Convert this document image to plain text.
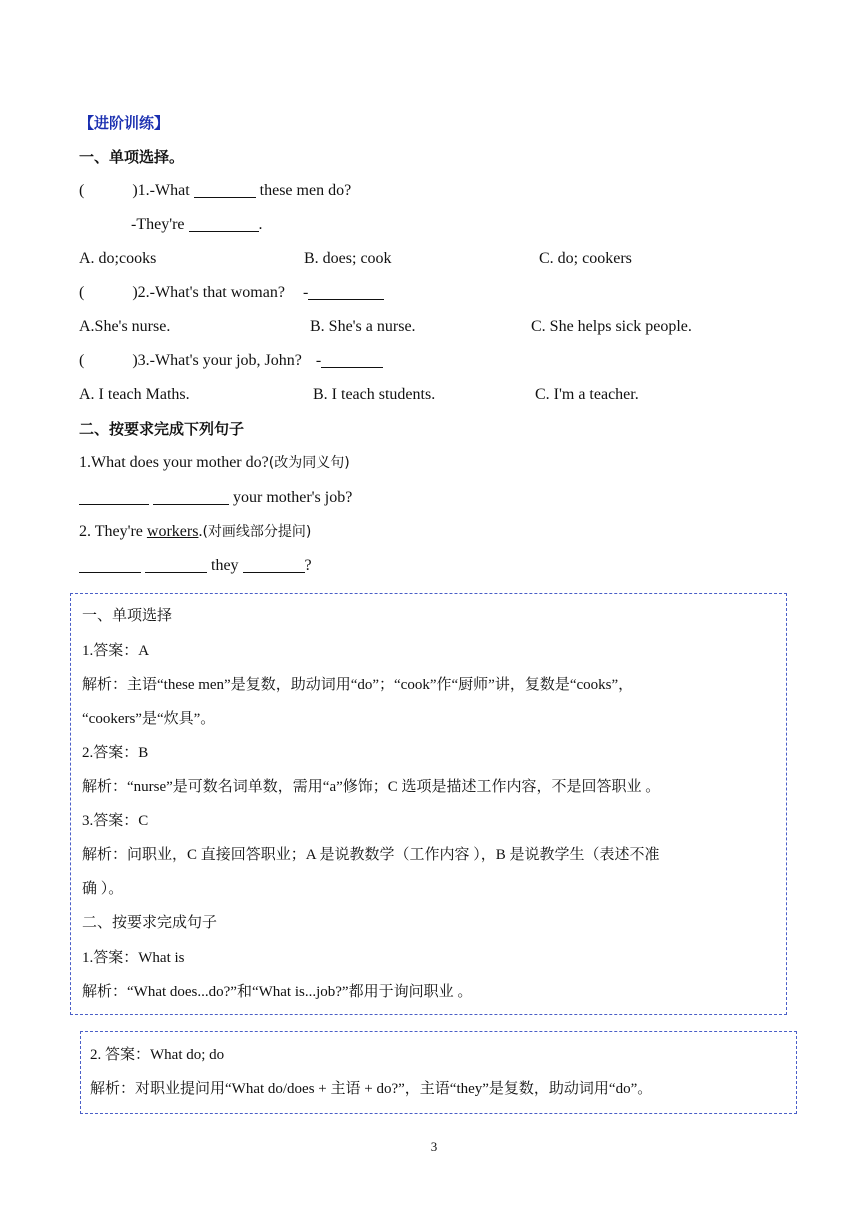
【进阶训练】
一、单项选择。
(	)1.-What	these men do?
-They're	.
A. do;cooks	B. does; cook	C. do; cookers
(	)2.-What's that woman? -
A.She's nurse.	B. She's a nurse.	C. She helps sick people.
(	)3.-What's your job, John? -
A. I teach Maths.	B. I teach students.	C. I'm a teacher.
二、按要求完成下列句子
1.What does your mother do?(改为同义句)
your mother's job?
2. They're workers.(对画线部分提问)
they	?
一、单项选择
1.答案：A
解析：主语“these men”是复数，助动词用“do”；“cook”作“厨师”讲，复数是“cooks”，
“cookers”是“炊具”。
2.答案：B
解析：“nurse”是可数名词单数，需用“a”修饰；C 选项是描述工作内容，不是回答职业 。
3.答案：C
解析：问职业，C 直接回答职业；A 是说教数学（工作内容 ），B 是说教学生（表述不准
确 ）。
二、按要求完成句子
1.答案：What is
解析：“What does...do?”和“What is...job?”都用于询问职业 。
2. 答案：What do; do
解析：对职业提问用“What do/does + 主语 + do?”，主语“they”是复数，助动词用“do”。
3
